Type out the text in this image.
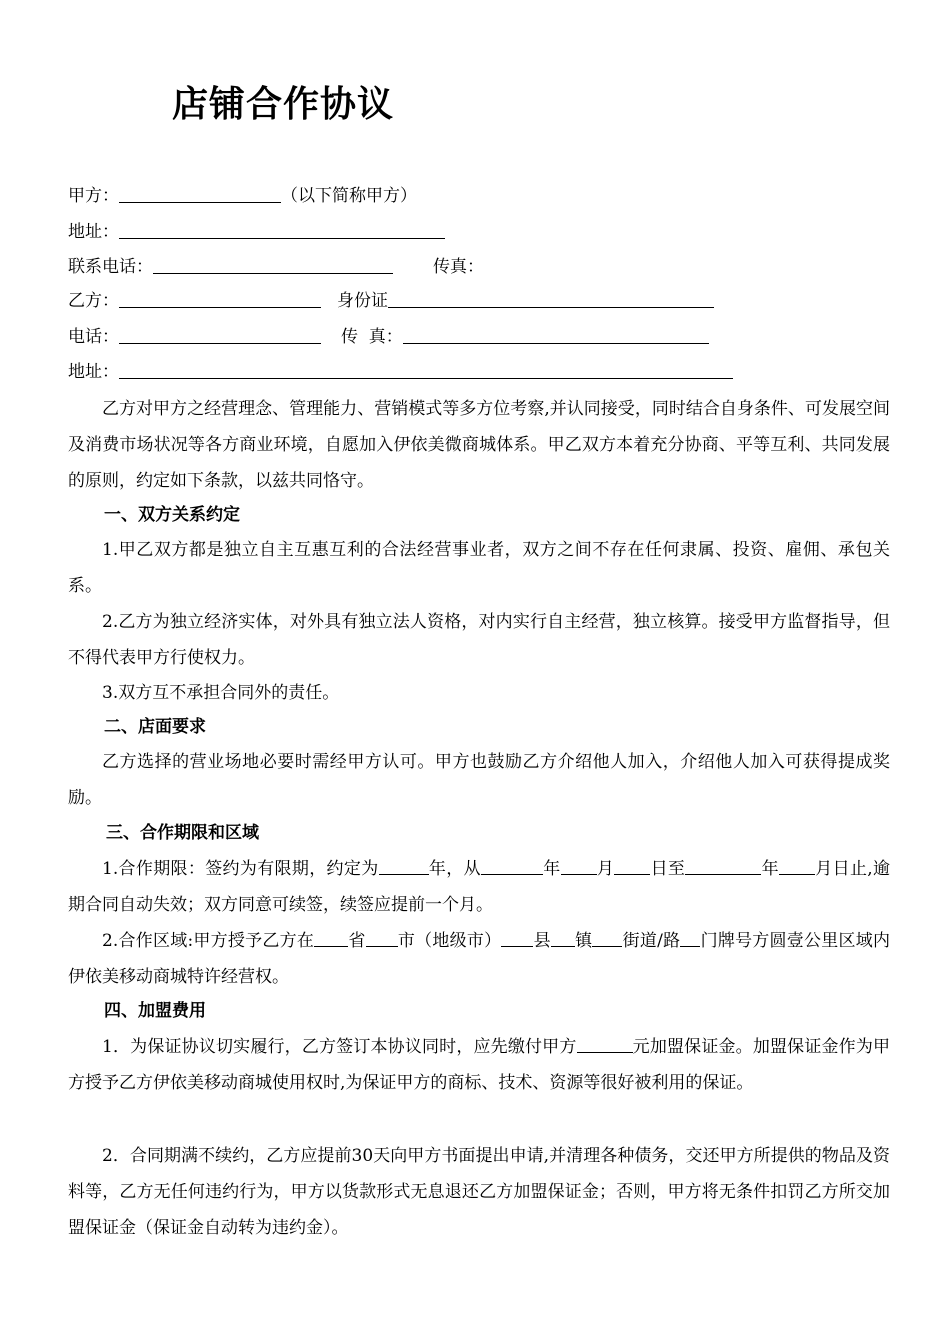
店铺合作协议
甲方：	（以下简称甲方）
地址：
联系电话：	传真：
乙方：	身份证
电话：	传  真：
地址：
乙方对甲方之经营理念、管理能力、营销模式等多方位考察,并认同接受，同时结合自身条件、可发展空间及消费市场状况等各方商业环境，自愿加入伊依美微商城体系。甲乙双方本着充分协商、平等互利、共同发展的原则，约定如下条款，以兹共同恪守。
一、双方关系约定
1.甲乙双方都是独立自主互惠互利的合法经营事业者，双方之间不存在任何隶属、投资、雇佣、承包关系。
2.乙方为独立经济实体，对外具有独立法人资格，对内实行自主经营，独立核算。接受甲方监督指导，但不得代表甲方行使权力。
3.双方互不承担合同外的责任。
二、店面要求
乙方选择的营业场地必要时需经甲方认可。甲方也鼓励乙方介绍他人加入，介绍他人加入可获得提成奖励。
三、合作期限和区域
1.合作期限：签约为有限期，约定为	年，从	年 月 日至	年 月日止,逾期合同自动失效；双方同意可续签，续签应提前一个月。
2.合作区域:甲方授予乙方在 省 市（地级市） 县 镇 街道/路 门牌号方圆壹公里区域内伊依美移动商城特许经营权。
四、加盟费用
1．为保证协议切实履行，乙方签订本协议同时，应先缴付甲方	元加盟保证金。加盟保证金作为甲方授予乙方伊依美移动商城使用权时,为保证甲方的商标、技术、资源等很好被利用的保证。
2．合同期满不续约，乙方应提前30天向甲方书面提出申请,并清理各种债务，交还甲方所提供的物品及资料等，乙方无任何违约行为，甲方以货款形式无息退还乙方加盟保证金；否则，甲方将无条件扣罚乙方所交加盟保证金（保证金自动转为违约金）。
